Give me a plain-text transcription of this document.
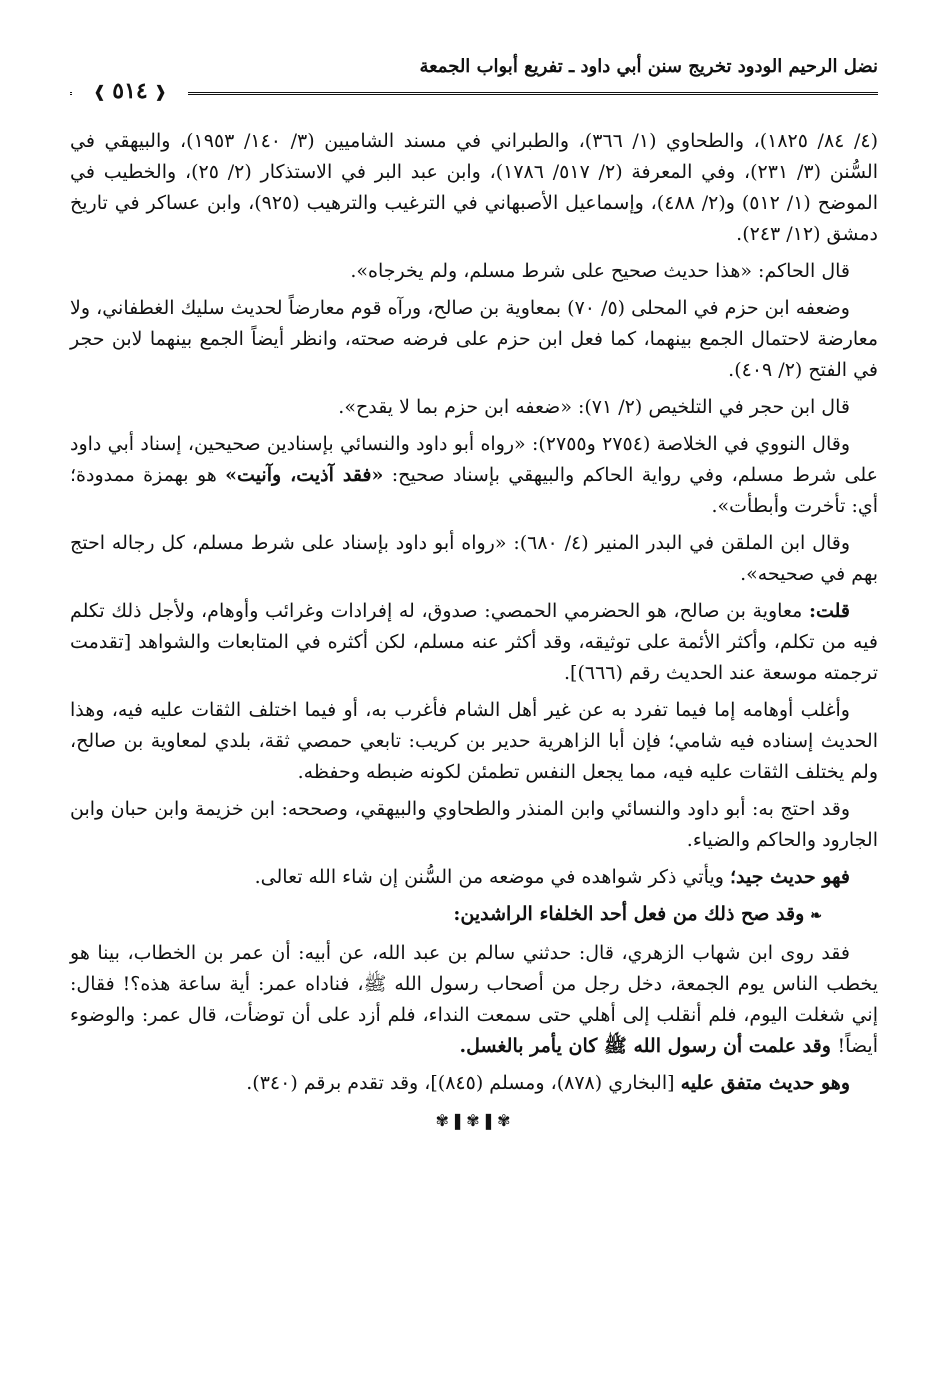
نضل الرحيم الودود تخريج سنن أبي داود ـ تفريع أبواب الجمعة
❰
٥١٤
❱

(٤/ ٨٤/ ١٨٢٥)، والطحاوي (١/ ٣٦٦)، والطبراني في مسند الشاميين (٣/ ١٤٠/ ١٩٥٣)، والبيهقي في السُّنن (٣/ ٢٣١)، وفي المعرفة (٢/ ٥١٧/ ١٧٨٦)، وابن عبد البر في الاستذكار (٢/ ٢٥)، والخطيب في الموضح (١/ ٥١٢) و(٢/ ٤٨٨)، وإسماعيل الأصبهاني في الترغيب والترهيب (٩٢٥)، وابن عساكر في تاريخ دمشق (١٢/ ٢٤٣).

قال الحاكم: «هذا حديث صحيح على شرط مسلم، ولم يخرجاه».

وضعفه ابن حزم في المحلى (٥/ ٧٠) بمعاوية بن صالح، ورآه قوم معارضاً لحديث سليك الغطفاني، ولا معارضة لاحتمال الجمع بينهما، كما فعل ابن حزم على فرضه صحته، وانظر أيضاً الجمع بينهما لابن حجر في الفتح (٢/ ٤٠٩).

قال ابن حجر في التلخيص (٢/ ٧١): «ضعفه ابن حزم بما لا يقدح».

وقال النووي في الخلاصة (٢٧٥٤ و٢٧٥٥): «رواه أبو داود والنسائي بإسنادين صحيحين، إسناد أبي داود على شرط مسلم، وفي رواية الحاكم والبيهقي بإسناد صحيح: «فقد آذيت، وآنيت» هو بهمزة ممدودة؛ أي: تأخرت وأبطأت».

وقال ابن الملقن في البدر المنير (٤/ ٦٨٠): «رواه أبو داود بإسناد على شرط مسلم، كل رجاله احتج بهم في صحيحه».

قلت: معاوية بن صالح، هو الحضرمي الحمصي: صدوق، له إفرادات وغرائب وأوهام، ولأجل ذلك تكلم فيه من تكلم، وأكثر الأئمة على توثيقه، وقد أكثر عنه مسلم، لكن أكثره في المتابعات والشواهد [تقدمت ترجمته موسعة عند الحديث رقم (٦٦٦)].

وأغلب أوهامه إما فيما تفرد به عن غير أهل الشام فأغرب به، أو فيما اختلف الثقات عليه فيه، وهذا الحديث إسناده فيه شامي؛ فإن أبا الزاهرية حدير بن كريب: تابعي حمصي ثقة، بلدي لمعاوية بن صالح، ولم يختلف الثقات عليه فيه، مما يجعل النفس تطمئن لكونه ضبطه وحفظه.

وقد احتج به: أبو داود والنسائي وابن المنذر والطحاوي والبيهقي، وصححه: ابن خزيمة وابن حبان وابن الجارود والحاكم والضياء.

فهو حديث جيد؛ ويأتي ذكر شواهده في موضعه من السُّنن إن شاء الله تعالى.

❧وقد صح ذلك من فعل أحد الخلفاء الراشدين:

فقد روى ابن شهاب الزهري، قال: حدثني سالم بن عبد الله، عن أبيه: أن عمر بن الخطاب، بينا هو يخطب الناس يوم الجمعة، دخل رجل من أصحاب رسول الله ﷺ، فناداه عمر: أية ساعة هذه؟! فقال: إني شغلت اليوم، فلم أنقلب إلى أهلي حتى سمعت النداء، فلم أزد على أن توضأت، قال عمر: والوضوء أيضاً! وقد علمت أن رسول الله ﷺ كان يأمر بالغسل.

وهو حديث متفق عليه [البخاري (٨٧٨)، ومسلم (٨٤٥)]، وقد تقدم برقم (٣٤٠).

✾❚✾❚✾
